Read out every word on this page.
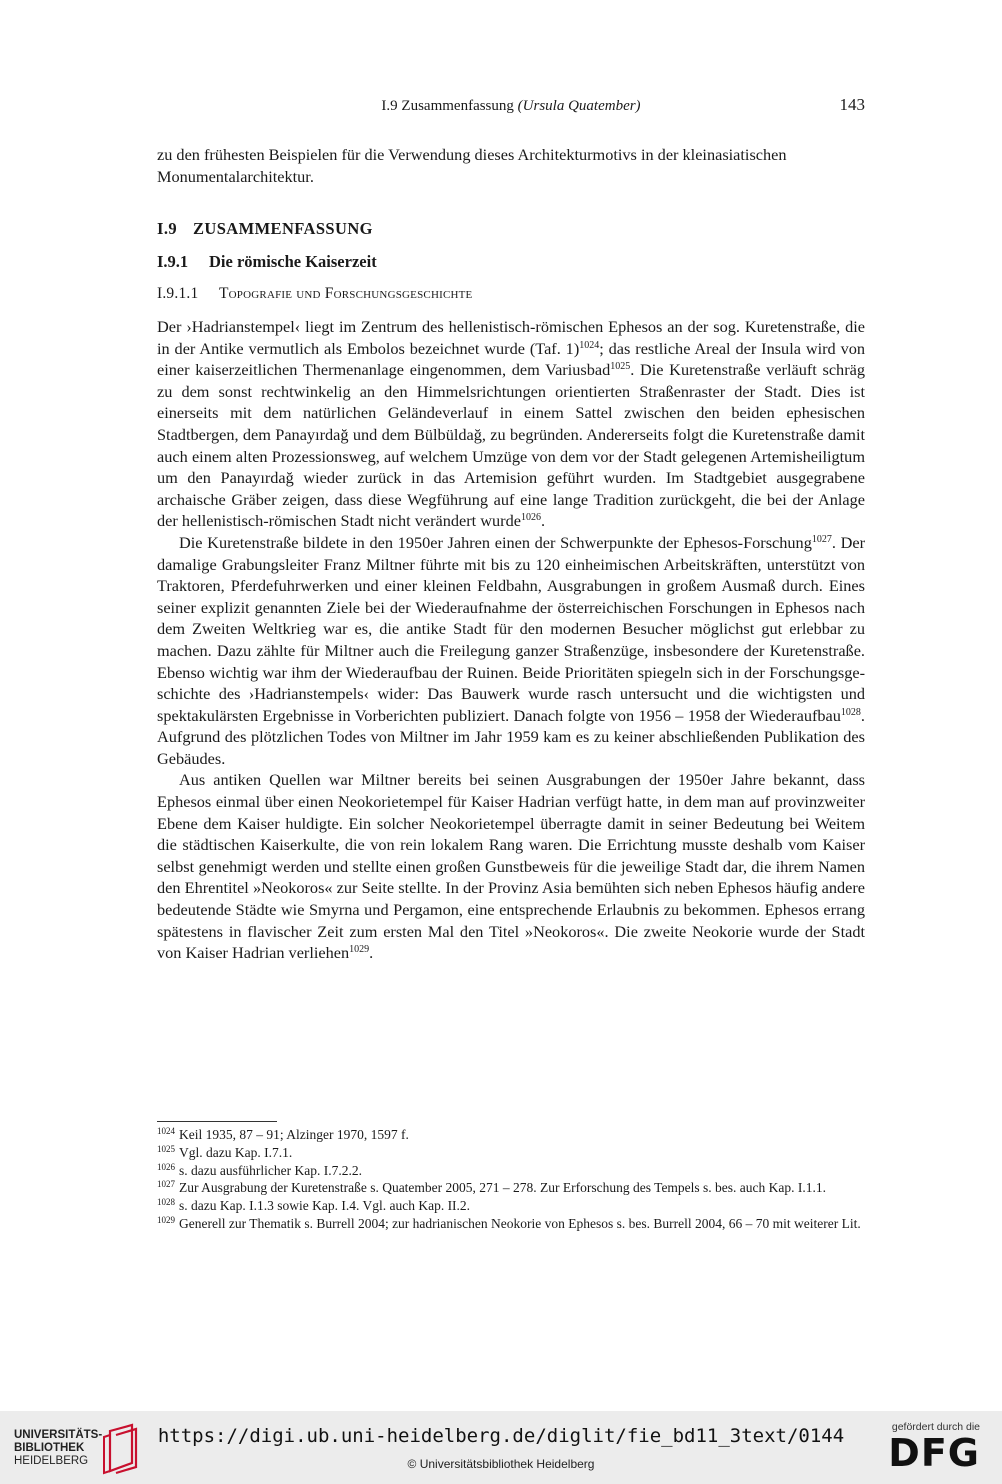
I.9 Zusammenfassung (Ursula Quatember)	143

zu den frühesten Beispielen für die Verwendung dieses Architekturmotivs in der kleinasiatischen Monumentalarchitektur.

I.9 ZUSAMMENFASSUNG
I.9.1 Die römische Kaiserzeit
I.9.1.1 Topografie und Forschungsgeschichte

Der ›Hadrianstempel‹ liegt im Zentrum des hellenistisch-römischen Ephesos an der sog. Kuretenstraße, die in der Antike vermutlich als Embolos bezeichnet wurde (Taf. 1)$^{1024}$; das restliche Areal der Insula wird von einer kaiserzeitlichen Thermenanlage eingenommen, dem Variusbad$^{1025}$. Die Kuretenstraße verläuft schräg zu dem sonst rechtwinkelig an den Himmelsrichtungen orientierten Straßenraster der Stadt. Dies ist einerseits mit dem natürlichen Geländeverlauf in einem Sattel zwischen den beiden ephesischen Stadtbergen, dem Panayırdağ und dem Bülbüldağ, zu begründen. Andererseits folgt die Kuretenstraße damit auch einem alten Prozessionsweg, auf welchem Umzüge von dem vor der Stadt gelegenen Artemisheiligtum um den Panayırdağ wieder zurück in das Artemision geführt wurden. Im Stadtgebiet ausgegrabene archaische Gräber zeigen, dass diese Wegführung auf eine lange Tradition zurückgeht, die bei der Anlage der hellenistisch-römischen Stadt nicht verändert wurde$^{1026}$.

Die Kuretenstraße bildete in den 1950er Jahren einen der Schwerpunkte der Ephesos-Forschung$^{1027}$. Der damalige Grabungsleiter Franz Miltner führte mit bis zu 120 einheimischen Arbeitskräften, unterstützt von Traktoren, Pferdefuhrwerken und einer kleinen Feldbahn, Ausgrabungen in großem Ausmaß durch. Eines seiner explizit genannten Ziele bei der Wiederaufnahme der österreichischen Forschungen in Ephesos nach dem Zweiten Weltkrieg war es, die antike Stadt für den modernen Besucher möglichst gut erlebbar zu machen. Dazu zählte für Miltner auch die Freilegung ganzer Straßenzüge, insbesondere der Kuretenstraße. Ebenso wichtig war ihm der Wiederaufbau der Ruinen. Beide Prioritäten spiegeln sich in der Forschungsgeschichte des ›Hadrianstempels‹ wider: Das Bauwerk wurde rasch untersucht und die wichtigsten und spektakulärsten Ergebnisse in Vorberichten publiziert. Danach folgte von 1956 – 1958 der Wiederaufbau$^{1028}$. Aufgrund des plötzlichen Todes von Miltner im Jahr 1959 kam es zu keiner abschließenden Publikation des Gebäudes.

Aus antiken Quellen war Miltner bereits bei seinen Ausgrabungen der 1950er Jahre bekannt, dass Ephesos einmal über einen Neokorietempel für Kaiser Hadrian verfügt hatte, in dem man auf provinzweiter Ebene dem Kaiser huldigte. Ein solcher Neokorietempel überragte damit in seiner Bedeutung bei Weitem die städtischen Kaiserkulte, die von rein lokalem Rang waren. Die Errichtung musste deshalb vom Kaiser selbst genehmigt werden und stellte einen großen Gunstbeweis für die jeweilige Stadt dar, die ihrem Namen den Ehrentitel »Neokoros« zur Seite stellte. In der Provinz Asia bemühten sich neben Ephesos häufig andere bedeutende Städte wie Smyrna und Pergamon, eine entsprechende Erlaubnis zu bekommen. Ephesos errang spätestens in flavischer Zeit zum ersten Mal den Titel »Neokoros«. Die zweite Neokorie wurde der Stadt von Kaiser Hadrian verliehen$^{1029}$.

1024 Keil 1935, 87 – 91; Alzinger 1970, 1597 f.
1025 Vgl. dazu Kap. I.7.1.
1026 s. dazu ausführlicher Kap. I.7.2.2.
1027 Zur Ausgrabung der Kuretenstraße s. Quatember 2005, 271 – 278. Zur Erforschung des Tempels s. bes. auch Kap. I.1.1.
1028 s. dazu Kap. I.1.3 sowie Kap. I.4. Vgl. auch Kap. II.2.
1029 Generell zur Thematik s. Burrell 2004; zur hadrianischen Neokorie von Ephesos s. bes. Burrell 2004, 66 – 70 mit weiterer Lit.
UNIVERSITÄTS-
BIBLIOTHEK
HEIDELBERG
https://digi.ub.uni-heidelberg.de/diglit/fie_bd11_3text/0144
© Universitätsbibliothek Heidelberg
gefördert durch die
DFG
